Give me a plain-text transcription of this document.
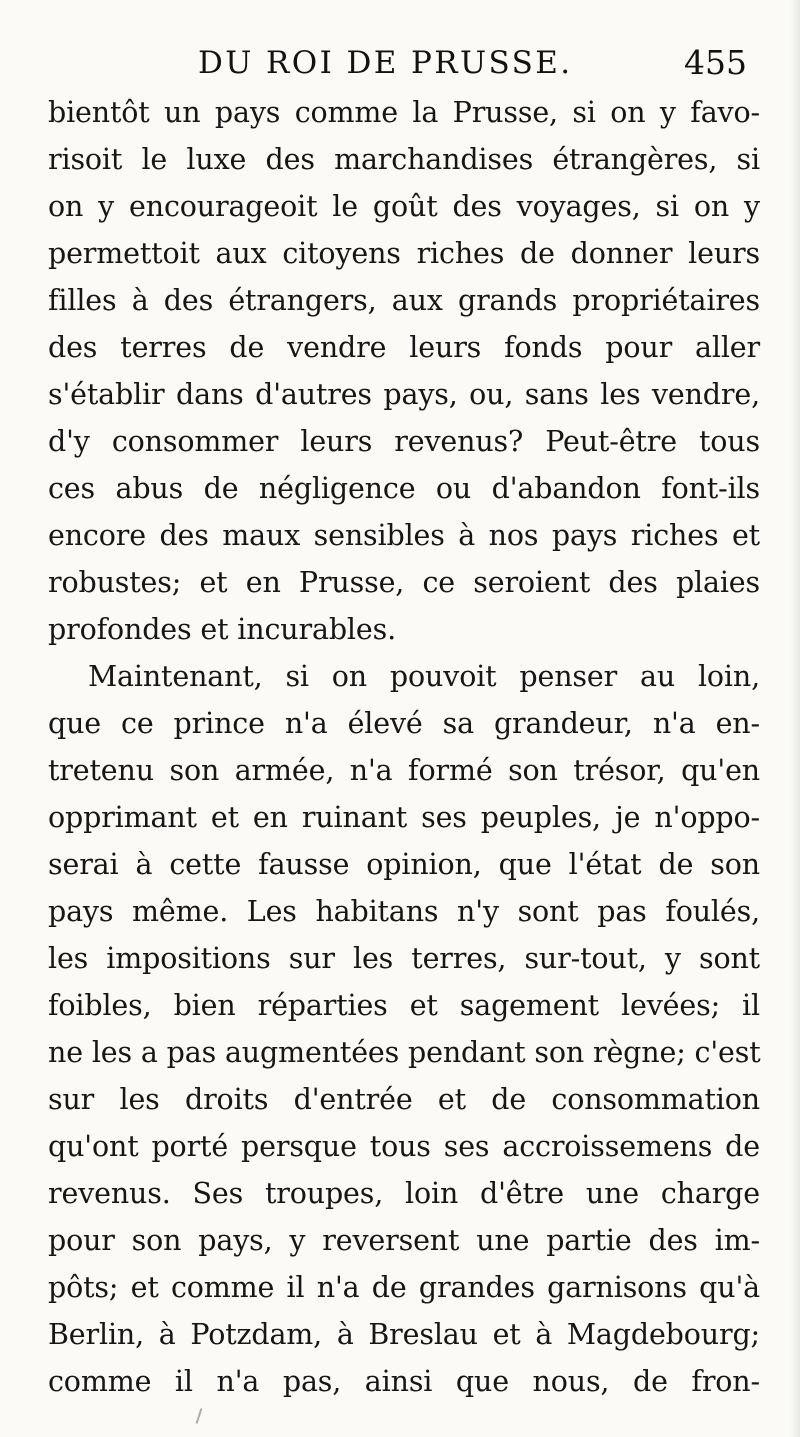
DU ROI DE PRUSSE.	455
bientôt un pays comme la Prusse, si on y favo-
risoit le luxe des marchandises étrangères, si
on y encourageoit le goût des voyages, si on y
permettoit aux citoyens riches de donner leurs
filles à des étrangers, aux grands propriétaires
des terres de vendre leurs fonds pour aller
s'établir dans d'autres pays, ou, sans les vendre,
d'y consommer leurs revenus? Peut-être tous
ces abus de négligence ou d'abandon font-ils
encore des maux sensibles à nos pays riches et
robustes; et en Prusse, ce seroient des plaies
profondes et incurables.
Maintenant, si on pouvoit penser au loin,
que ce prince n'a élevé sa grandeur, n'a en-
tretenu son armée, n'a formé son trésor, qu'en
opprimant et en ruinant ses peuples, je n'oppo-
serai à cette fausse opinion, que l'état de son
pays même. Les habitans n'y sont pas foulés,
les impositions sur les terres, sur-tout, y sont
foibles, bien réparties et sagement levées; il
ne les a pas augmentées pendant son règne; c'est
sur les droits d'entrée et de consommation
qu'ont porté persque tous ses accroissemens de
revenus. Ses troupes, loin d'être une charge
pour son pays, y reversent une partie des im-
pôts; et comme il n'a de grandes garnisons qu'à
Berlin, à Potzdam, à Breslau et à Magdebourg;
comme il n'a pas, ainsi que nous, de fron-
